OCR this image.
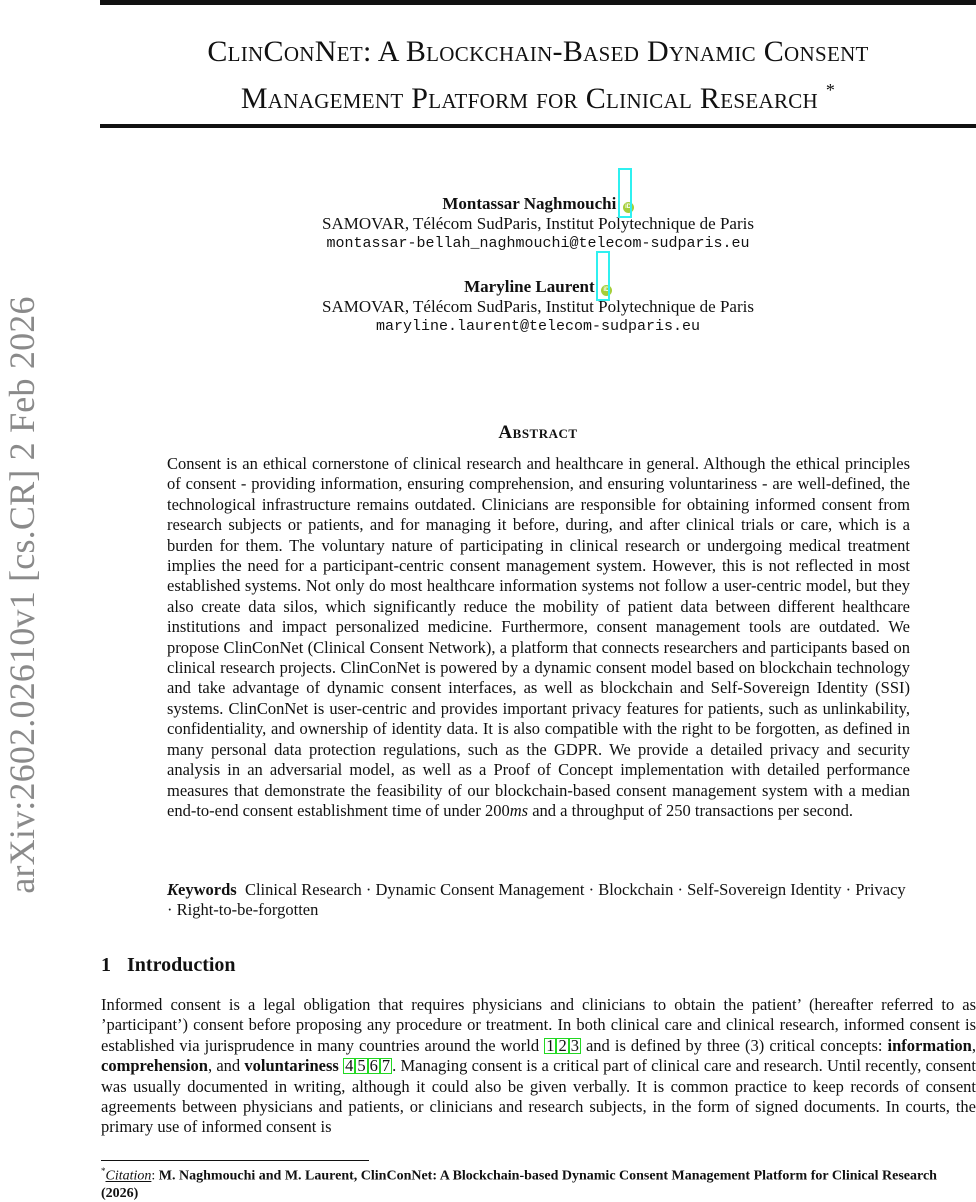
arXiv:2602.02610v1 [cs.CR] 2 Feb 2026
ClinConNet: A Blockchain-Based Dynamic Consent
Management Platform for Clinical Research *
Montassar Naghmouchi iD
SAMOVAR, Télécom SudParis, Institut Polytechnique de Paris
montassar-bellah_naghmouchi@telecom-sudparis.eu
Maryline Laurent iD
SAMOVAR, Télécom SudParis, Institut Polytechnique de Paris
maryline.laurent@telecom-sudparis.eu
Abstract
Consent is an ethical cornerstone of clinical research and healthcare in general. Although the ethical principles of consent - providing information, ensuring comprehension, and ensuring voluntariness - are well-defined, the technological infrastructure remains outdated. Clinicians are responsible for obtaining informed consent from research subjects or patients, and for managing it before, during, and after clinical trials or care, which is a burden for them. The voluntary nature of participating in clinical research or undergoing medical treatment implies the need for a participant-centric consent management system. However, this is not reflected in most established systems. Not only do most healthcare information systems not follow a user-centric model, but they also create data silos, which significantly reduce the mobility of patient data between different healthcare institutions and impact personalized medicine. Furthermore, consent management tools are outdated. We propose ClinConNet (Clinical Consent Network), a platform that connects researchers and participants based on clinical research projects. ClinConNet is powered by a dynamic consent model based on blockchain technology and take advantage of dynamic consent interfaces, as well as blockchain and Self-Sovereign Identity (SSI) systems. ClinConNet is user-centric and provides important privacy features for patients, such as unlinkability, confidentiality, and ownership of identity data. It is also compatible with the right to be forgotten, as defined in many personal data protection regulations, such as the GDPR. We provide a detailed privacy and security analysis in an adversarial model, as well as a Proof of Concept implementation with detailed performance measures that demonstrate the feasibility of our blockchain-based consent management system with a median end-to-end consent establishment time of under 200ms and a throughput of 250 transactions per second.
Keywords Clinical Research · Dynamic Consent Management · Blockchain · Self-Sovereign Identity · Privacy · Right-to-be-forgotten
1 Introduction
Informed consent is a legal obligation that requires physicians and clinicians to obtain the patient’ (hereafter referred to as ’participant’) consent before proposing any procedure or treatment. In both clinical care and clinical research, informed consent is established via jurisprudence in many countries around the world 1 2 3 and is defined by three (3) critical concepts: information, comprehension, and voluntariness 4 5 6 7 . Managing consent is a critical part of clinical care and research. Until recently, consent was usually documented in writing, although it could also be given verbally. It is common practice to keep records of consent agreements between physicians and patients, or clinicians and research subjects, in the form of signed documents. In courts, the primary use of informed consent is
*Citation: M. Naghmouchi and M. Laurent, ClinConNet: A Blockchain-based Dynamic Consent Management Platform for Clinical Research (2026)
